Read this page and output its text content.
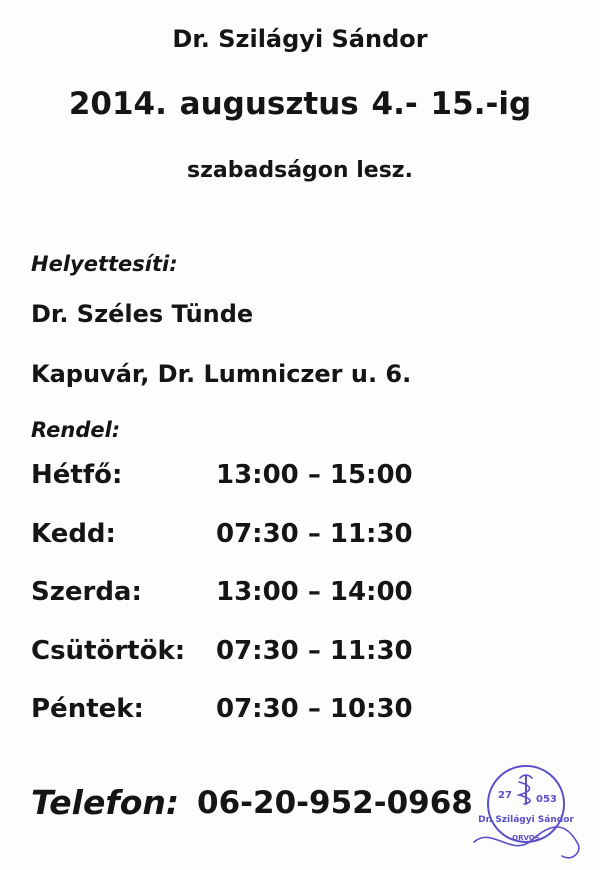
Dr. Szilágyi Sándor
2014. augusztus 4.- 15.-ig
szabadságon lesz.
Helyettesíti:
Dr. Széles Tünde
Kapuvár, Dr. Lumniczer u. 6.
Rendel:
Hétfő:	13:00 – 15:00
Kedd:	07:30 – 11:30
Szerda:	13:00 – 14:00
Csütörtök: 07:30 – 11:30
Péntek:	07:30 – 10:30
Telefon: 06-20-952-0968	27 053
Dr. Szilágyi Sándor
ORVOS
